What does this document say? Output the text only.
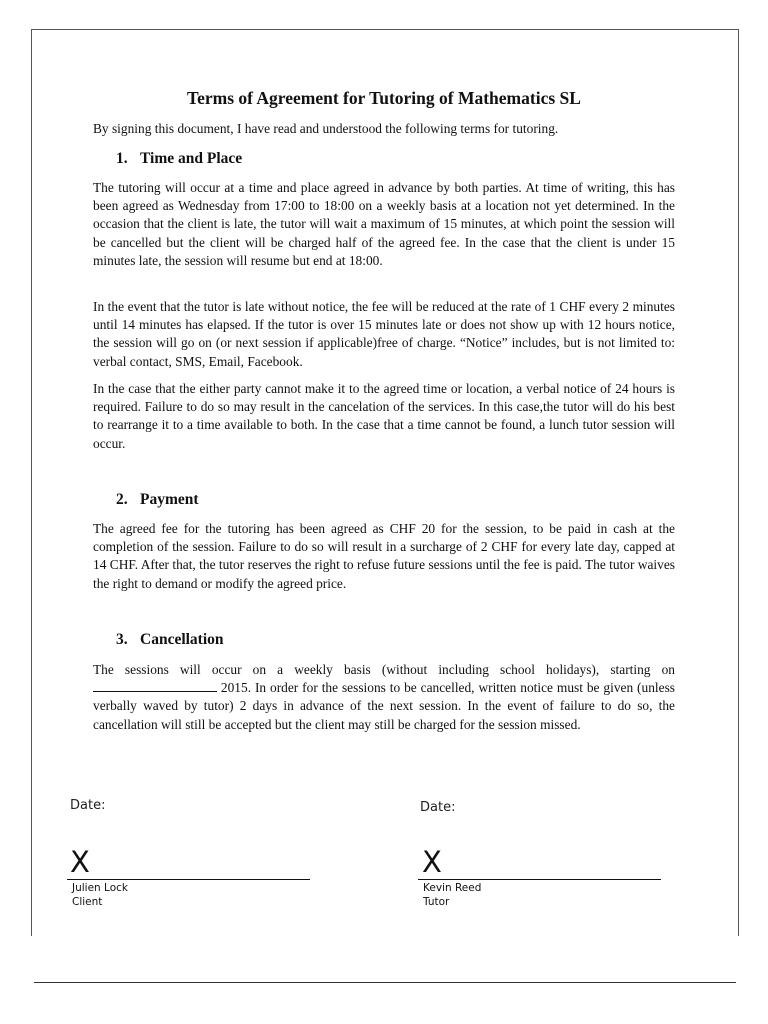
Terms of Agreement for Tutoring of Mathematics SL

By signing this document, I have read and understood the following terms for tutoring.

1. Time and Place

The tutoring will occur at a time and place agreed in advance by both parties. At time of writing, this has been agreed as Wednesday from 17:00 to 18:00 on a weekly basis at a location not yet determined. In the occasion that the client is late, the tutor will wait a maximum of 15 minutes, at which point the session will be cancelled but the client will be charged half of the agreed fee. In the case that the client is under 15 minutes late, the session will resume but end at 18:00.

In the event that the tutor is late without notice, the fee will be reduced at the rate of 1 CHF every 2 minutes until 14 minutes has elapsed. If the tutor is over 15 minutes late or does not show up with 12 hours notice, the session will go on (or next session if applicable)free of charge. “Notice” includes, but is not limited to: verbal contact, SMS, Email, Facebook.

In the case that the either party cannot make it to the agreed time or location, a verbal notice of 24 hours is required. Failure to do so may result in the cancelation of the services. In this case,the tutor will do his best to rearrange it to a time available to both. In the case that a time cannot be found, a lunch tutor session will occur.

2. Payment

The agreed fee for the tutoring has been agreed as CHF 20 for the session, to be paid in cash at the completion of the session. Failure to do so will result in a surcharge of 2 CHF for every late day, capped at 14 CHF. After that, the tutor reserves the right to refuse future sessions until the fee is paid. The tutor waives the right to demand or modify the agreed price.

3. Cancellation

The sessions will occur on a weekly basis (without including school holidays), starting on  2015. In order for the sessions to be cancelled, written notice must be given (unless verbally waved by tutor) 2 days in advance of the next session. In the event of failure to do so, the cancellation will still be accepted but the client may still be charged for the session missed.

Date:
X
Julien Lock
Client
Date:
X
Kevin Reed
Tutor
